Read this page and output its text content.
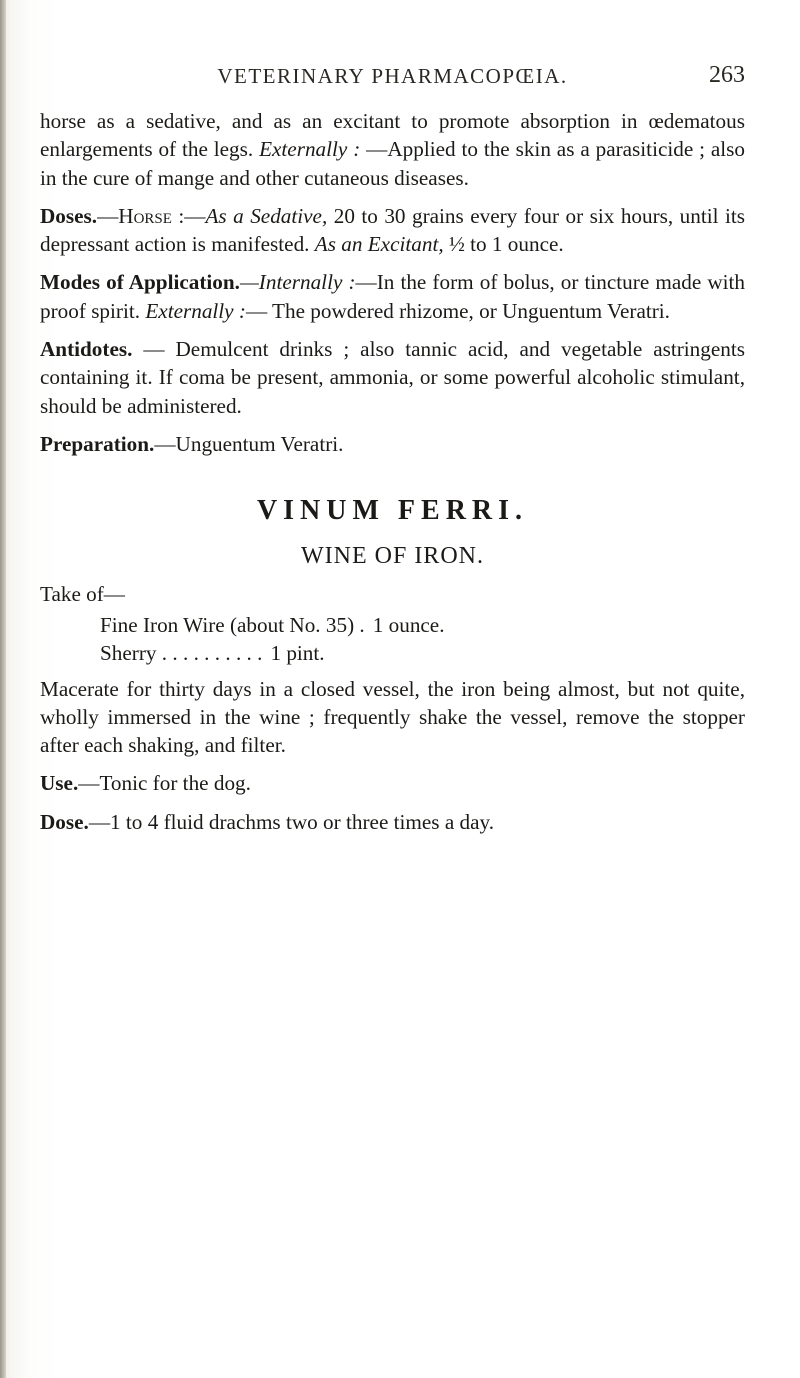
VETERINARY PHARMACOPŒIA.	263

horse as a sedative, and as an excitant to promote absorption in œdematous enlargements of the legs. Externally : —Applied to the skin as a parasiticide ; also in the cure of mange and other cutaneous diseases.

Doses.—Horse :—As a Sedative, 20 to 30 grains every four or six hours, until its depressant action is manifested. As an Excitant, ½ to 1 ounce.

Modes of Application.—Internally :—In the form of bolus, or tincture made with proof spirit. Externally :— The powdered rhizome, or Unguentum Veratri.

Antidotes. — Demulcent drinks ; also tannic acid, and vegetable astringents containing it. If coma be present, ammonia, or some powerful alcoholic stimulant, should be administered.

Preparation.—Unguentum Veratri.

VINUM FERRI.
WINE OF IRON.
Take of—
Fine Iron Wire (about No. 35) . 1 ounce.
Sherry . . . . . . . . . . 1 pint.

Macerate for thirty days in a closed vessel, the iron being almost, but not quite, wholly immersed in the wine ; frequently shake the vessel, remove the stopper after each shaking, and filter.

Use.—Tonic for the dog.

Dose.—1 to 4 fluid drachms two or three times a day.
